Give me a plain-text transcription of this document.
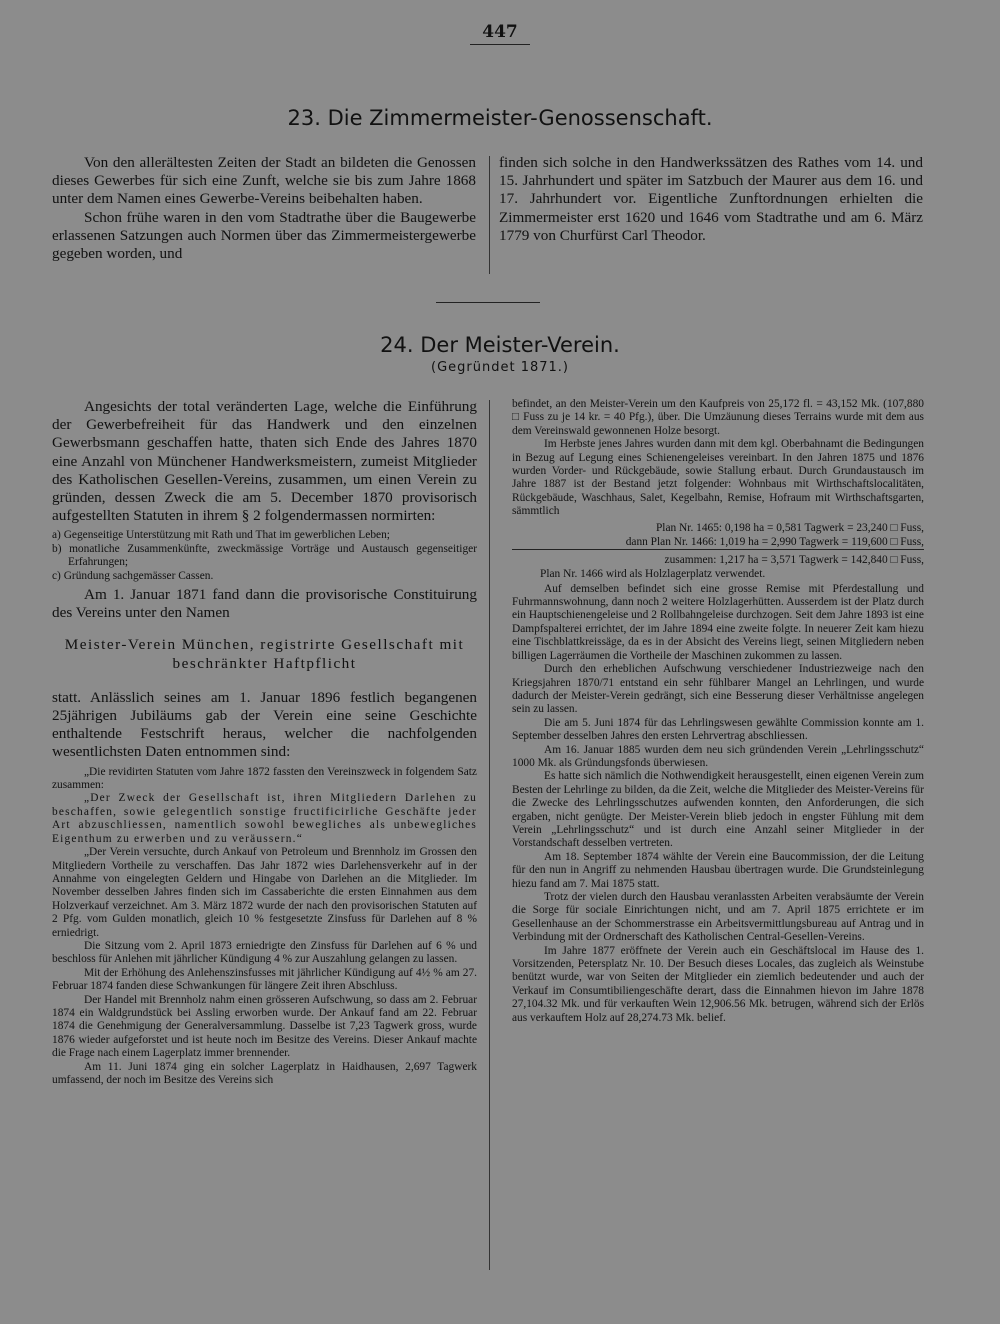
447
23. Die Zimmermeister-Genossenschaft.

Von den allerältesten Zeiten der Stadt an bildeten die Genossen dieses Gewerbes für sich eine Zunft, welche sie bis zum Jahre 1868 unter dem Namen eines Gewerbe-Vereins beibehalten haben.

Schon frühe waren in den vom Stadtrathe über die Baugewerbe erlassenen Satzungen auch Normen über das Zimmermeistergewerbe gegeben worden, und

finden sich solche in den Handwerkssätzen des Rathes vom 14. und 15. Jahrhundert und später im Satzbuch der Maurer aus dem 16. und 17. Jahrhundert vor. Eigentliche Zunftordnungen erhielten die Zimmermeister erst 1620 und 1646 vom Stadtrathe und am 6. März 1779 von Churfürst Carl Theodor.

24. Der Meister-Verein.
(Gegründet 1871.)

Angesichts der total veränderten Lage, welche die Einführung der Gewerbefreiheit für das Handwerk und den einzelnen Gewerbsmann geschaffen hatte, thaten sich Ende des Jahres 1870 eine Anzahl von Münchener Handwerksmeistern, zumeist Mitglieder des Katholischen Gesellen-Vereins, zusammen, um einen Verein zu gründen, dessen Zweck die am 5. December 1870 provisorisch aufgestellten Statuten in ihrem § 2 folgendermassen normirten:

a) Gegenseitige Unterstützung mit Rath und That im gewerblichen Leben;

b) monatliche Zusammenkünfte, zweckmässige Vorträge und Austausch gegenseitiger Erfahrungen;

c) Gründung sachgemässer Cassen.

Am 1. Januar 1871 fand dann die provisorische Constituirung des Vereins unter den Namen

Meister-Verein München, registrirte Gesellschaft mit beschränkter Haftpflicht

statt. Anlässlich seines am 1. Januar 1896 festlich begangenen 25jährigen Jubiläums gab der Verein eine seine Geschichte enthaltende Festschrift heraus, welcher die nachfolgenden wesentlichsten Daten entnommen sind:

„Die revidirten Statuten vom Jahre 1872 fassten den Vereinszweck in folgendem Satz zusammen:

„Der Zweck der Gesellschaft ist, ihren Mitgliedern Darlehen zu beschaffen, sowie gelegentlich sonstige fructificirliche Geschäfte jeder Art abzuschliessen, namentlich sowohl bewegliches als unbewegliches Eigenthum zu erwerben und zu veräussern.“

„Der Verein versuchte, durch Ankauf von Petroleum und Brennholz im Grossen den Mitgliedern Vortheile zu verschaffen. Das Jahr 1872 wies Darlehensverkehr auf in der Annahme von eingelegten Geldern und Hingabe von Darlehen an die Mitglieder. Im November desselben Jahres finden sich im Cassaberichte die ersten Einnahmen aus dem Holzverkauf verzeichnet. Am 3. März 1872 wurde der nach den provisorischen Statuten auf 2 Pfg. vom Gulden monatlich, gleich 10 % festgesetzte Zinsfuss für Darlehen auf 8 % erniedrigt.

Die Sitzung vom 2. April 1873 erniedrigte den Zinsfuss für Darlehen auf 6 % und beschloss für Anlehen mit jährlicher Kündigung 4 % zur Auszahlung gelangen zu lassen.

Mit der Erhöhung des Anlehenszinsfusses mit jährlicher Kündigung auf 4½ % am 27. Februar 1874 fanden diese Schwankungen für längere Zeit ihren Abschluss.

Der Handel mit Brennholz nahm einen grösseren Aufschwung, so dass am 2. Februar 1874 ein Waldgrundstück bei Assling erworben wurde. Der Ankauf fand am 22. Februar 1874 die Genehmigung der Generalversammlung. Dasselbe ist 7,23 Tagwerk gross, wurde 1876 wieder aufgeforstet und ist heute noch im Besitze des Vereins. Dieser Ankauf machte die Frage nach einem Lagerplatz immer brennender.

Am 11. Juni 1874 ging ein solcher Lagerplatz in Haidhausen, 2,697 Tagwerk umfassend, der noch im Besitze des Vereins sich

befindet, an den Meister-Verein um den Kaufpreis von 25,172 fl. = 43,152 Mk. (107,880 □ Fuss zu je 14 kr. = 40 Pfg.), über. Die Umzäunung dieses Terrains wurde mit dem aus dem Vereinswald gewonnenen Holze besorgt.

Im Herbste jenes Jahres wurden dann mit dem kgl. Oberbahnamt die Bedingungen in Bezug auf Legung eines Schienengeleises vereinbart. In den Jahren 1875 und 1876 wurden Vorder- und Rückgebäude, sowie Stallung erbaut. Durch Grundaustausch im Jahre 1887 ist der Bestand jetzt folgender: Wohnbaus mit Wirthschaftslocalitäten, Rückgebäude, Waschhaus, Salet, Kegelbahn, Remise, Hofraum mit Wirthschaftsgarten, sämmtlich

Plan Nr. 1465: 0,198 ha = 0,581 Tagwerk = 23,240 □ Fuss,
dann Plan Nr. 1466: 1,019 ha = 2,990 Tagwerk = 119,600 □ Fuss,
zusammen: 1,217 ha = 3,571 Tagwerk = 142,840 □ Fuss,
Plan Nr. 1466 wird als Holzlagerplatz verwendet.

Auf demselben befindet sich eine grosse Remise mit Pferdestallung und Fuhrmannswohnung, dann noch 2 weitere Holzlagerhütten. Ausserdem ist der Platz durch ein Hauptschienengeleise und 2 Rollbahngeleise durchzogen. Seit dem Jahre 1893 ist eine Dampfspalterei errichtet, der im Jahre 1894 eine zweite folgte. In neuerer Zeit kam hiezu eine Tischblattkreissäge, da es in der Absicht des Vereins liegt, seinen Mitgliedern neben billigen Lagerräumen die Vortheile der Maschinen zukommen zu lassen.

Durch den erheblichen Aufschwung verschiedener Industriezweige nach den Kriegsjahren 1870/71 entstand ein sehr fühlbarer Mangel an Lehrlingen, und wurde dadurch der Meister-Verein gedrängt, sich eine Besserung dieser Verhältnisse angelegen sein zu lassen.

Die am 5. Juni 1874 für das Lehrlingswesen gewählte Commission konnte am 1. September desselben Jahres den ersten Lehrvertrag abschliessen.

Am 16. Januar 1885 wurden dem neu sich gründenden Verein „Lehrlingsschutz“ 1000 Mk. als Gründungsfonds überwiesen.

Es hatte sich nämlich die Nothwendigkeit herausgestellt, einen eigenen Verein zum Besten der Lehrlinge zu bilden, da die Zeit, welche die Mitglieder des Meister-Vereins für die Zwecke des Lehrlingsschutzes aufwenden konnten, den Anforderungen, die sich ergaben, nicht genügte. Der Meister-Verein blieb jedoch in engster Fühlung mit dem Verein „Lehrlingsschutz“ und ist durch eine Anzahl seiner Mitglieder in der Vorstandschaft desselben vertreten.

Am 18. September 1874 wählte der Verein eine Baucommission, der die Leitung für den nun in Angriff zu nehmenden Hausbau übertragen wurde. Die Grundsteinlegung hiezu fand am 7. Mai 1875 statt.

Trotz der vielen durch den Hausbau veranlassten Arbeiten verabsäumte der Verein die Sorge für sociale Einrichtungen nicht, und am 7. April 1875 errichtete er im Gesellenhause an der Schommerstrasse ein Arbeitsvermittlungsbureau auf Antrag und in Verbindung mit der Ordnerschaft des Katholischen Central-Gesellen-Vereins.

Im Jahre 1877 eröffnete der Verein auch ein Geschäftslocal im Hause des 1. Vorsitzenden, Petersplatz Nr. 10. Der Besuch dieses Locales, das zugleich als Weinstube benützt wurde, war von Seiten der Mitglieder ein ziemlich bedeutender und auch der Verkauf im Consumtibiliengeschäfte derart, dass die Einnahmen hievon im Jahre 1878 27,104.32 Mk. und für verkauften Wein 12,906.56 Mk. betrugen, während sich der Erlös aus verkauftem Holz auf 28,274.73 Mk. belief.
